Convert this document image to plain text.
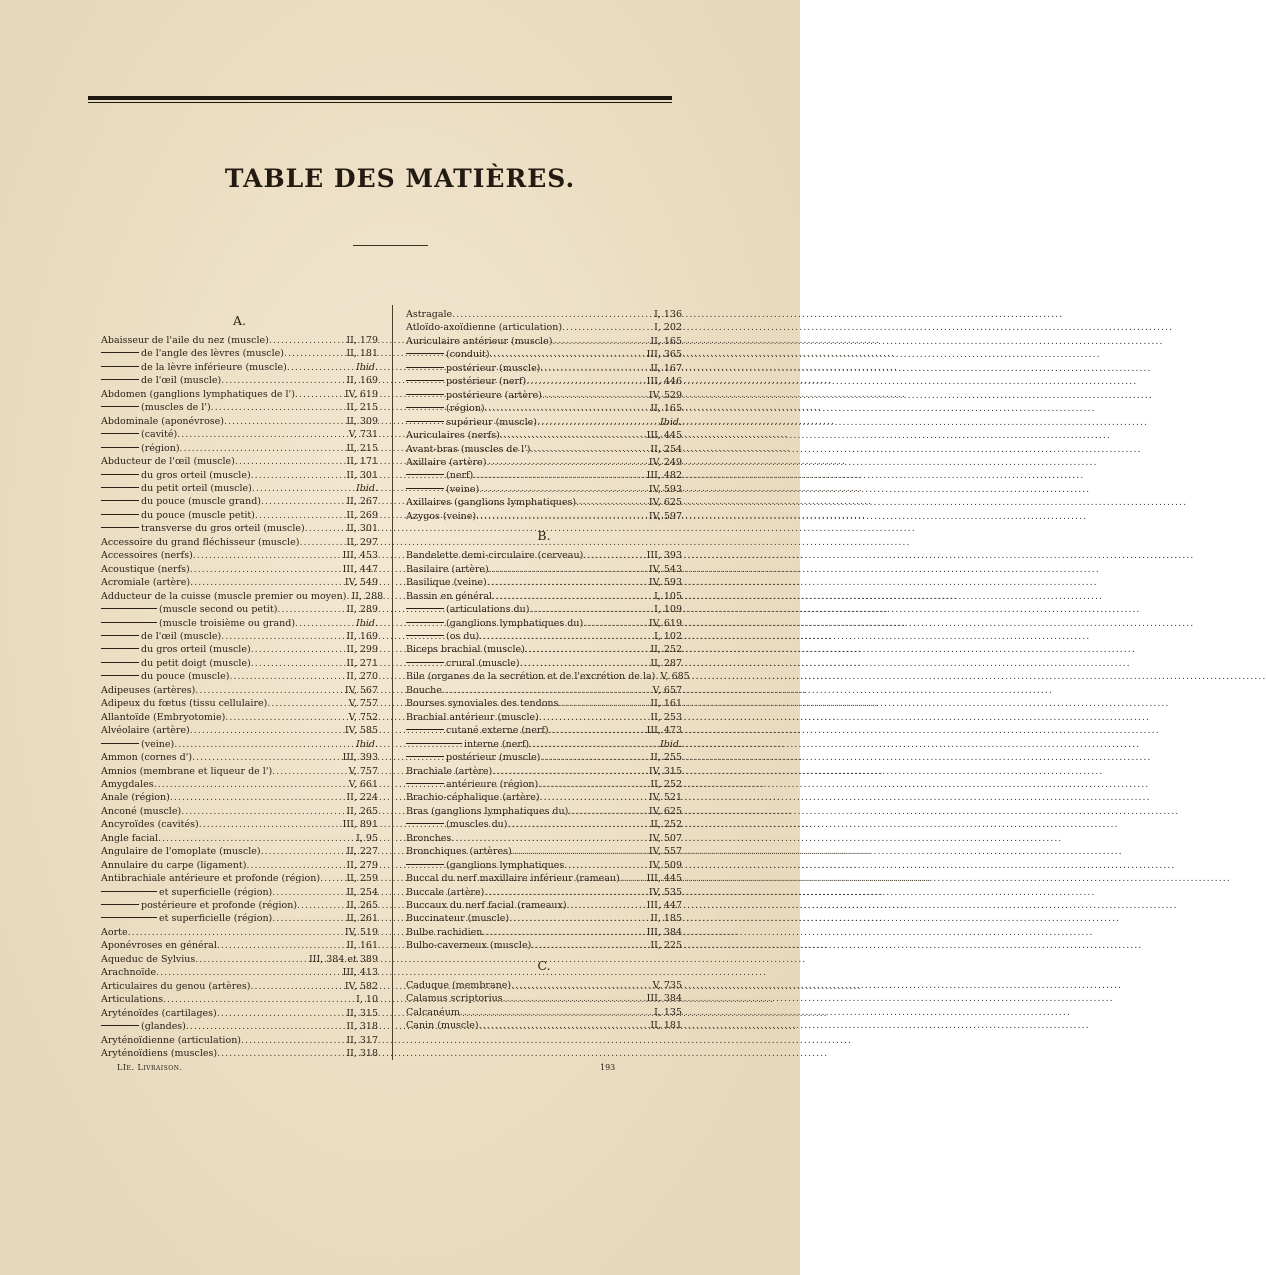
TABLE DES MATIÈRES.
A.
Abaisseur de l'aile du nez (muscle) .....	II, 179
de l'angle des lèvres (muscle) .....	II, 181
de la lèvre inférieure (muscle) .....	Ibid.
de l'œil (muscle) .....	II, 169
Abdomen (ganglions lymphatiques de l') .....	IV, 619
(muscles de l') .....	II, 215
Abdominale (aponévrose) .....	II, 309
(cavité) .....	V, 731
(région) .....	II, 215
Abducteur de l'œil (muscle) .....	II, 171
du gros orteil (muscle) .....	II, 301
du petit orteil (muscle) .....	Ibid.
du pouce (muscle grand) .....	II, 267
du pouce (muscle petit) .....	II, 269
transverse du gros orteil (muscle) .....	II, 301
Accessoire du grand fléchisseur (muscle) .....	II, 297
Accessoires (nerfs) .....	III, 453
Acoustique (nerfs) .....	III, 447
Acromiale (artère) .....	IV, 549
Adducteur de la cuisse (muscle premier ou moyen) ..... II, 288
(muscle second ou petit) .....	II, 289
(muscle troisième ou grand) .....	Ibid.
de l'œil (muscle) .....	II, 169
du gros orteil (muscle) .....	II, 299
du petit doigt (muscle) .....	II, 271
du pouce (muscle) .....	II, 270
Adipeuses (artères) .....	IV, 567
Adipeux du fœtus (tissu cellulaire) .....	V, 757
Allantoïde (Embryotomie) .....	V, 752
Alvéolaire (artère) .....	IV, 585
(veine) .....	Ibid.
Ammon (cornes d') .....	III, 393
Amnios (membrane et liqueur de l') .....	V, 757
Amygdales .....	V, 661
Anale (région) .....	II, 224
Anconé (muscle) .....	II, 265
Ancyroïdes (cavités) .....	III, 891
Angle facial .....	I, 95
Angulaire de l'omoplate (muscle) .....	II, 227
Annulaire du carpe (ligament) .....	II, 279
Antibrachiale antérieure et profonde (région) .....	II, 259
et superficielle (région) .....	II, 254
postérieure et profonde (région) .....	II, 265
et superficielle (région) .....	II, 261
Aorte .....	IV, 519
Aponévroses en général .....	II, 161
Aqueduc de Sylvius .....	III, 384 et 389
Arachnoïde .....	III, 413
Articulaires du genou (artères) .....	IV, 582
Articulations .....	I, 10
Aryténoïdes (cartilages) .....	II, 315
(glandes) .....	II, 318
Aryténoïdienne (articulation) .....	II, 317
Aryténoïdiens (muscles) .....	II, 318
Astragale .....	I, 136
Atloïdo-axoïdienne (articulation) .....	I, 202
Auriculaire antérieur (muscle) .....	II, 165
(conduit) .....	III, 365
postérieur (muscle) .....	II, 167
postérieur (nerf) .....	III, 446
postérieure (artère) .....	IV, 529
(région) .....	II, 165
supérieur (muscle) .....	Ibid.
Auriculaires (nerfs) .....	III, 445
Avant-bras (muscles de l') .....	II, 254
Axillaire (artère) .....	IV, 249
(nerf) .....	III, 482
(veine) .....	IV, 593
Axillaires (ganglions lymphatiques) .....	IV, 625
Azygos (veine) .....	IV, 597
B.
Bandelette demi-circulaire (cerveau) .....	III, 393
Basilaire (artère) .....	IV, 543
Basilique (veine) .....	IV, 593
Bassin en général .....	I, 105
(articulations du) .....	I, 109
(ganglions lymphatiques du) .....	IV, 619
(os du) .....	I, 102
Biceps brachial (muscle) .....	II, 252
crural (muscle) .....	II, 287
Bile (organes de la secrétion et de l'excrétion de la) ..... V, 685
Bouche .....	V, 657
Bourses synoviales des tendons .....	II, 161
Brachial antérieur (muscle) .....	II, 253
cutané externe (nerf) .....	III, 473
interne (nerf) .....	Ibid.
postérieur (muscle) .....	II, 255
Brachiale (artère) .....	IV, 315
antérieure (région) .....	II, 252
Brachio-céphalique (artère) .....	IV, 521
Bras (ganglions lymphatiques du) .....	IV, 625
(muscles du) .....	II, 252
Bronches .....	IV, 507
Bronchiques (artères) .....	IV, 557
(ganglions lymphatiques .....	IV, 509
Buccal du nerf maxillaire inférieur (rameau) .....	III, 445
Buccale (artère) .....	IV, 535
Buccaux du nerf facial (rameaux) .....	III, 447
Buccinateur (muscle) .....	II, 185
Bulbe rachidien .....	III, 384
Bulbo-caverneux (muscle) .....	II, 225
C.
Caduque (membrane) .....	V, 735
Calamus scriptorius .....	III, 384
Calcanéum .....	I, 135
Canin (muscle) .....	II, 181
LIe. Livraison.	193
